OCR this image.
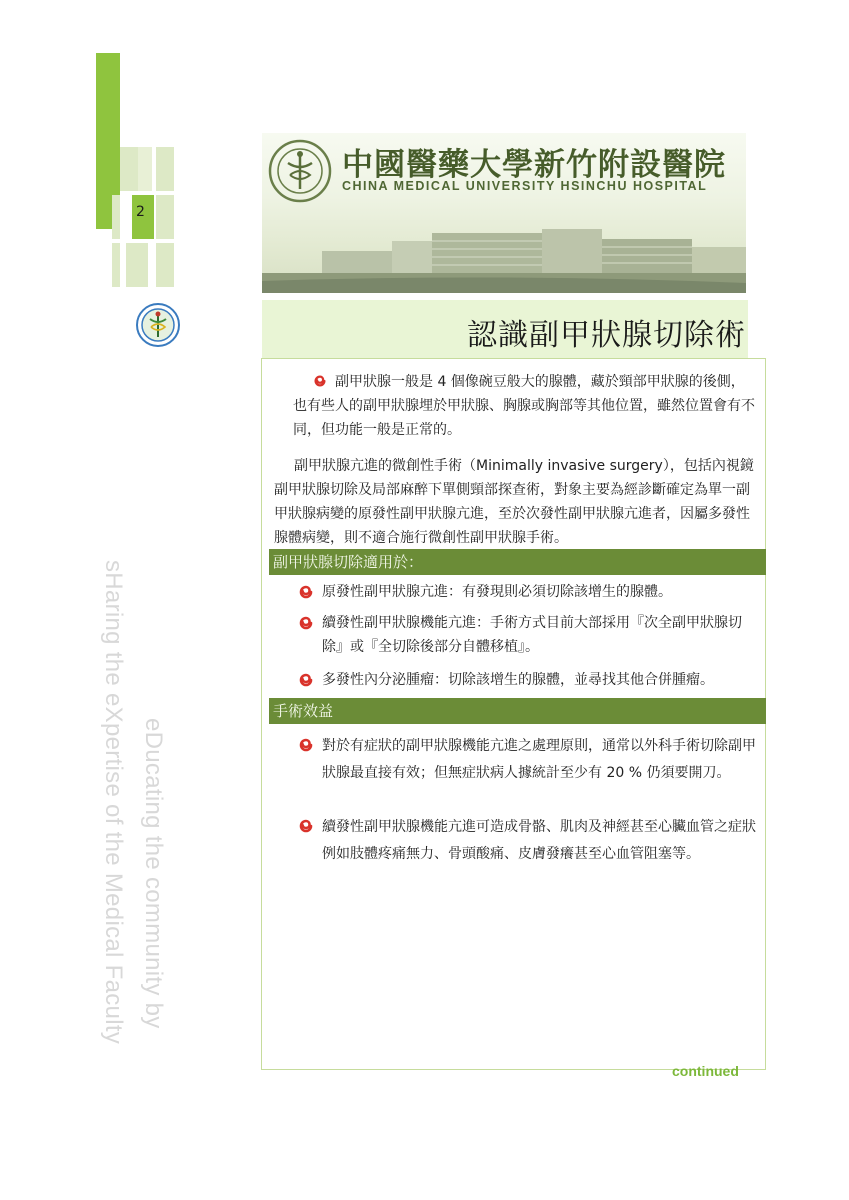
2
sHaring the eXpertise of the Medical Faculty eDucating the community by
中國醫藥大學新竹附設醫院
CHINA MEDICAL UNIVERSITY HSINCHU HOSPITAL
認識副甲狀腺切除術
副甲狀腺一般是 4 個像碗豆般大的腺體，藏於頸部甲狀腺的後側，也有些人的副甲狀腺埋於甲狀腺、胸腺或胸部等其他位置，雖然位置會有不同，但功能一般是正常的。
副甲狀腺亢進的微創性手術（Minimally invasive surgery），包括內視鏡副甲狀腺切除及局部麻醉下單側頸部探查術，對象主要為經診斷確定為單一副甲狀腺病變的原發性副甲狀腺亢進，至於次發性副甲狀腺亢進者，因屬多發性腺體病變，則不適合施行微創性副甲狀腺手術。
副甲狀腺切除適用於：
原發性副甲狀腺亢進：有發現則必須切除該增生的腺體。
續發性副甲狀腺機能亢進：手術方式目前大部採用『次全副甲狀腺切除』或『全切除後部分自體移植』。
多發性內分泌腫瘤：切除該增生的腺體，並尋找其他合併腫瘤。
手術效益
對於有症狀的副甲狀腺機能亢進之處理原則，通常以外科手術切除副甲狀腺最直接有效；但無症狀病人據統計至少有 20 % 仍須要開刀。
續發性副甲狀腺機能亢進可造成骨骼、肌肉及神經甚至心臟血管之症狀例如肢體疼痛無力、骨頭酸痛、皮膚發癢甚至心血管阻塞等。
continued
